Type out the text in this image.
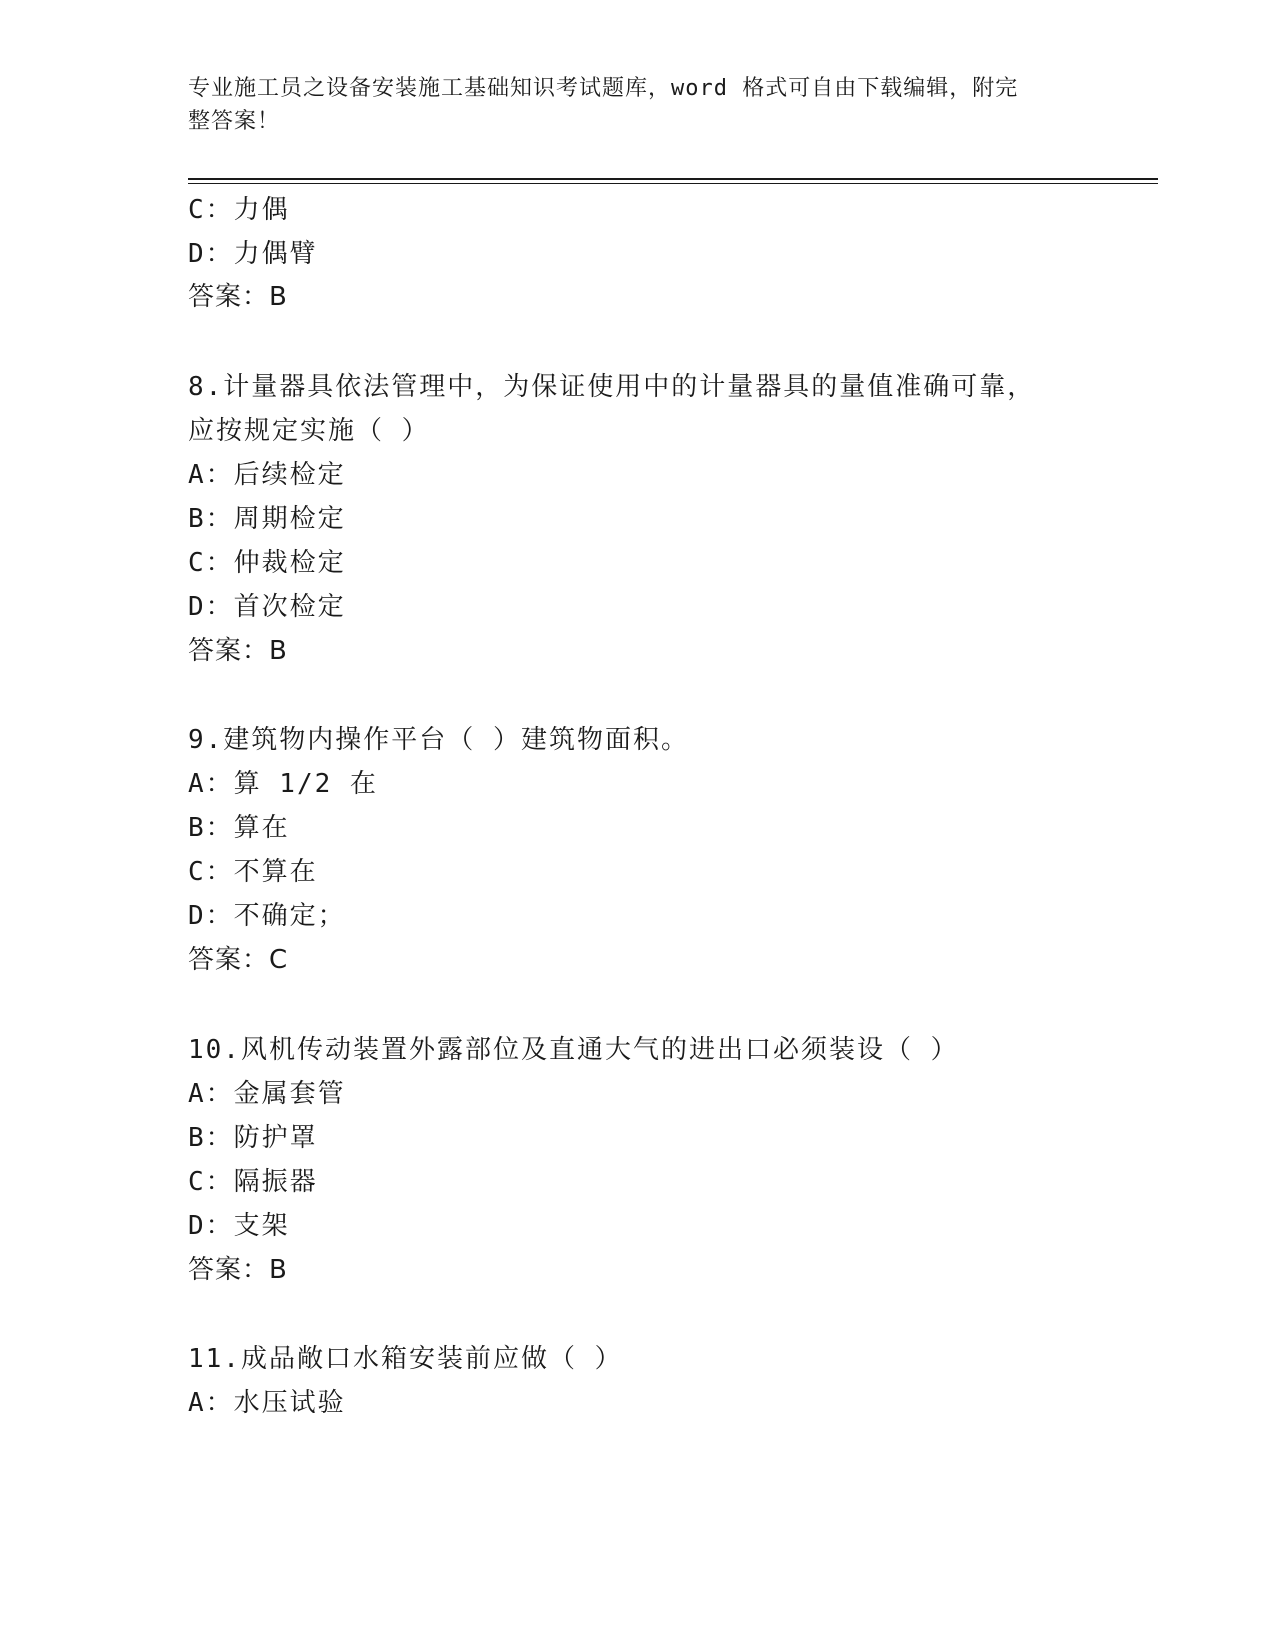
专业施工员之设备安装施工基础知识考试题库，word 格式可自由下载编辑，附完
整答案！
C：力偶
D：力偶臂
答案：B
8.计量器具依法管理中，为保证使用中的计量器具的量值准确可靠，
应按规定实施（ ）
A：后续检定
B：周期检定
C：仲裁检定
D：首次检定
答案：B
9.建筑物内操作平台（ ）建筑物面积。
A：算 1/2 在
B：算在
C：不算在
D：不确定；
答案：C
10.风机传动装置外露部位及直通大气的进出口必须装设（ ）
A：金属套管
B：防护罩
C：隔振器
D：支架
答案：B
11.成品敞口水箱安装前应做（ ）
A：水压试验
